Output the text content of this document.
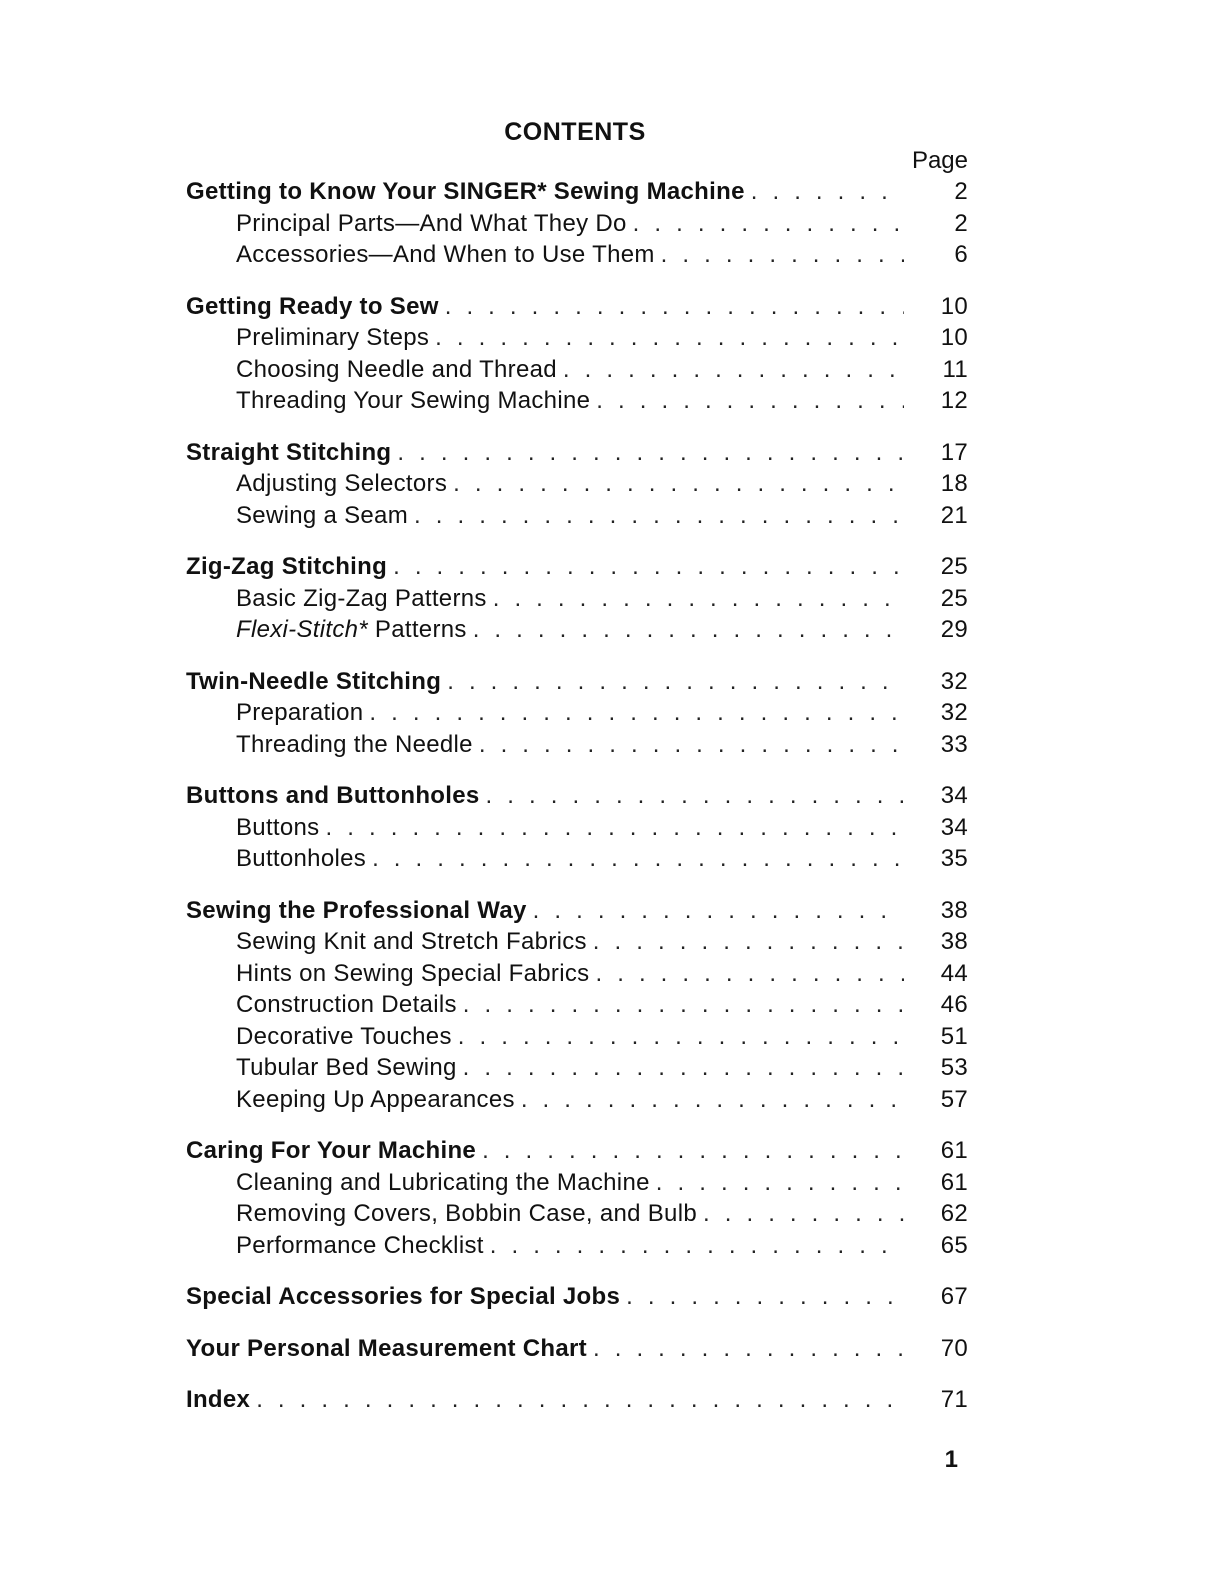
CONTENTS
Page
Getting to Know Your SINGER* Sewing Machine . . .	2
Principal Parts—And What They Do . . .	2
Accessories—And When to Use Them . . .	6
Getting Ready to Sew . . .	10
Preliminary Steps . . .	10
Choosing Needle and Thread . . .	11
Threading Your Sewing Machine . . .	12
Straight Stitching . . .	17
Adjusting Selectors . . .	18
Sewing a Seam . . .	21
Zig-Zag Stitching . . .	25
Basic Zig-Zag Patterns . . .	25
Flexi-Stitch* Patterns . . .	29
Twin-Needle Stitching . . .	32
Preparation . . .	32
Threading the Needle . . .	33
Buttons and Buttonholes . . .	34
Buttons . . .	34
Buttonholes . . .	35
Sewing the Professional Way . . .	38
Sewing Knit and Stretch Fabrics . . .	38
Hints on Sewing Special Fabrics . . .	44
Construction Details . . .	46
Decorative Touches . . .	51
Tubular Bed Sewing . . .	53
Keeping Up Appearances . . .	57
Caring For Your Machine . . .	61
Cleaning and Lubricating the Machine . . .	61
Removing Covers, Bobbin Case, and Bulb . . .	62
Performance Checklist . . .	65
Special Accessories for Special Jobs . . .	67
Your Personal Measurement Chart . . .	70
Index . . .	71
1
